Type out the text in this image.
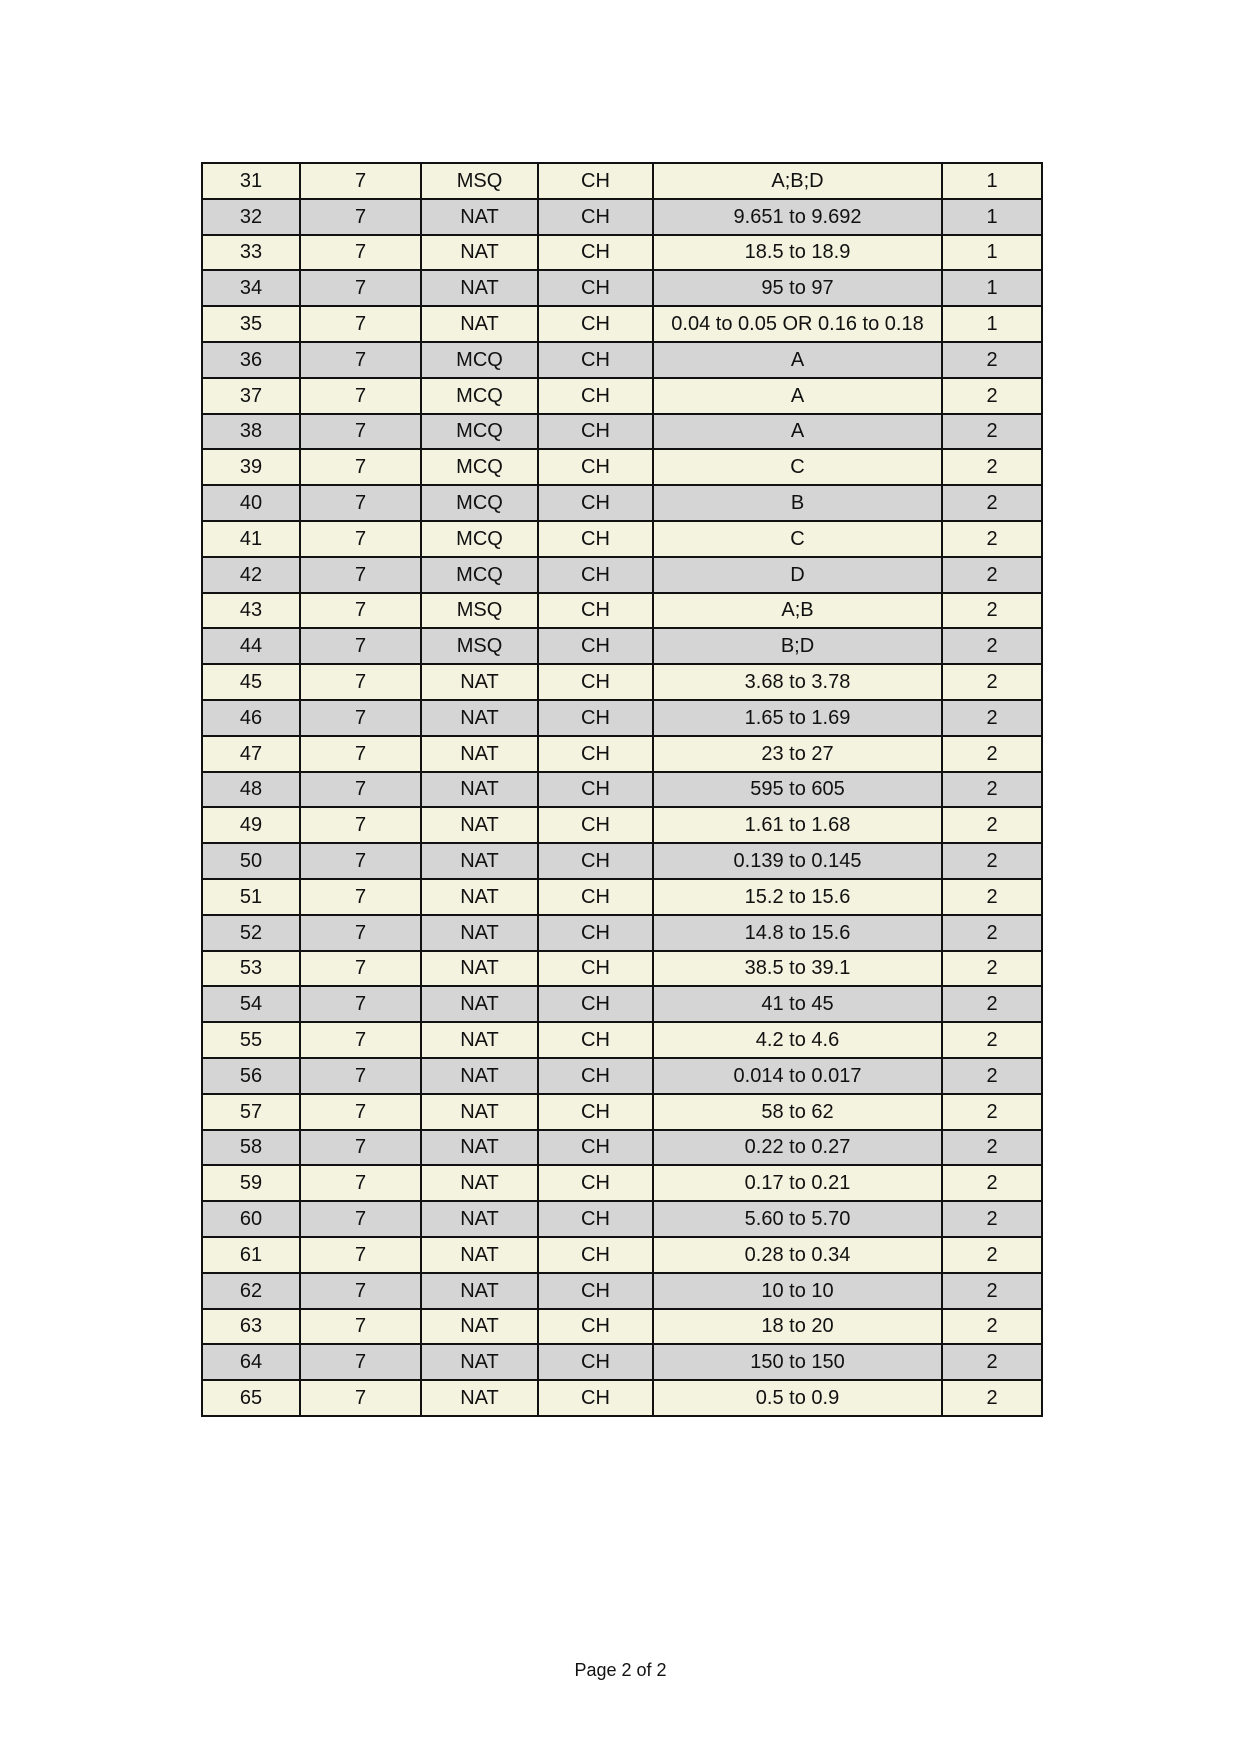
31	7	MSQ	CH	A;B;D	1
32	7	NAT	CH	9.651 to 9.692	1
33	7	NAT	CH	18.5 to 18.9	1
34	7	NAT	CH	95 to 97	1
35	7	NAT	CH	0.04 to 0.05 OR 0.16 to 0.18	1
36	7	MCQ	CH	A	2
37	7	MCQ	CH	A	2
38	7	MCQ	CH	A	2
39	7	MCQ	CH	C	2
40	7	MCQ	CH	B	2
41	7	MCQ	CH	C	2
42	7	MCQ	CH	D	2
43	7	MSQ	CH	A;B	2
44	7	MSQ	CH	B;D	2
45	7	NAT	CH	3.68 to 3.78	2
46	7	NAT	CH	1.65 to 1.69	2
47	7	NAT	CH	23 to 27	2
48	7	NAT	CH	595 to 605	2
49	7	NAT	CH	1.61 to 1.68	2
50	7	NAT	CH	0.139 to 0.145	2
51	7	NAT	CH	15.2 to 15.6	2
52	7	NAT	CH	14.8 to 15.6	2
53	7	NAT	CH	38.5 to 39.1	2
54	7	NAT	CH	41 to 45	2
55	7	NAT	CH	4.2 to 4.6	2
56	7	NAT	CH	0.014 to 0.017	2
57	7	NAT	CH	58 to 62	2
58	7	NAT	CH	0.22 to 0.27	2
59	7	NAT	CH	0.17 to 0.21	2
60	7	NAT	CH	5.60 to 5.70	2
61	7	NAT	CH	0.28 to 0.34	2
62	7	NAT	CH	10 to 10	2
63	7	NAT	CH	18 to 20	2
64	7	NAT	CH	150 to 150	2
65	7	NAT	CH	0.5 to 0.9	2
Page 2 of 2
